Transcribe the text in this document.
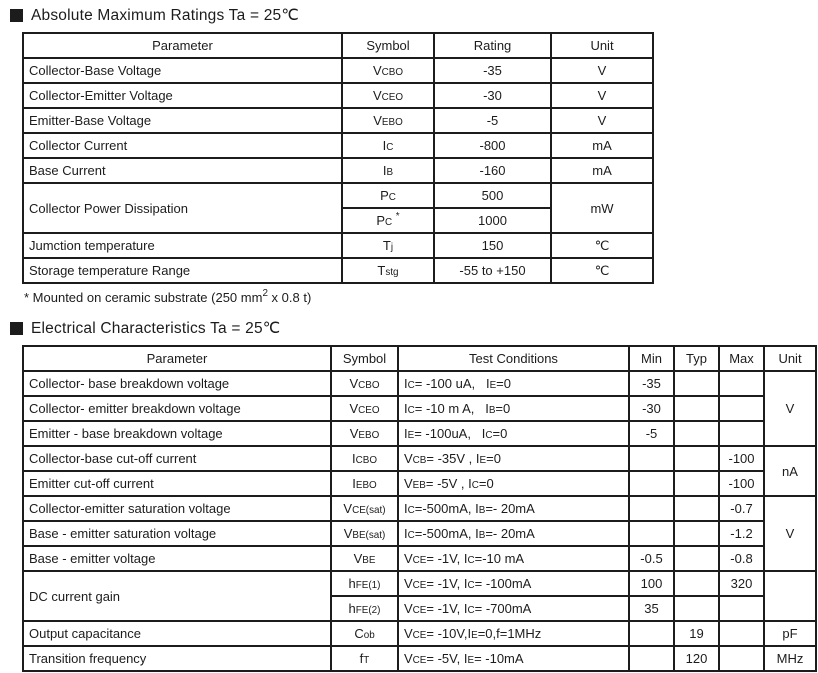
Absolute Maximum Ratings Ta = 25℃
Parameter	Symbol	Rating	Unit
Collector-Base Voltage	VCBO	-35	V
Collector-Emitter Voltage	VCEO	-30	V
Emitter-Base Voltage	VEBO	-5	V
Collector Current	IC	-800	mA
Base Current	IB	-160	mA
Collector Power Dissipation	PC	500	mW
	PC *	1000	
Jumction temperature	Tj	150	℃
Storage temperature Range	Tstg	-55 to +150	℃
* Mounted on ceramic substrate (250 $mm^2$ x 0.8 t)
Electrical Characteristics Ta = 25℃
Parameter	Symbol	Test Conditions	Min	Typ	Max	Unit
Collector- base breakdown voltage	VCBO	IC= -100 uA,   IE=0	-35			V
Collector- emitter breakdown voltage	VCEO	IC= -10 m A,   IB=0	-30			
Emitter - base breakdown voltage	VEBO	IE= -100uA,   IC=0	-5			
Collector-base cut-off current	ICBO	VCB= -35V , IE=0			-100	nA
Emitter cut-off current	IEBO	VEB= -5V , IC=0			-100	
Collector-emitter saturation voltage	VCE(sat)	IC=-500mA, IB=- 20mA			-0.7	V
Base - emitter saturation voltage	VBE(sat)	IC=-500mA, IB=- 20mA			-1.2	
Base - emitter voltage	VBE	VCE= -1V, IC=-10 mA	-0.5		-0.8	
DC current gain	hFE(1)	VCE= -1V, IC= -100mA	100		320	
	hFE(2)	VCE= -1V, IC= -700mA	35			
Output capacitance	Cob	VCE= -10V,IE=0,f=1MHz		19		pF
Transition frequency	fT	VCE= -5V, IE= -10mA		120		MHz
